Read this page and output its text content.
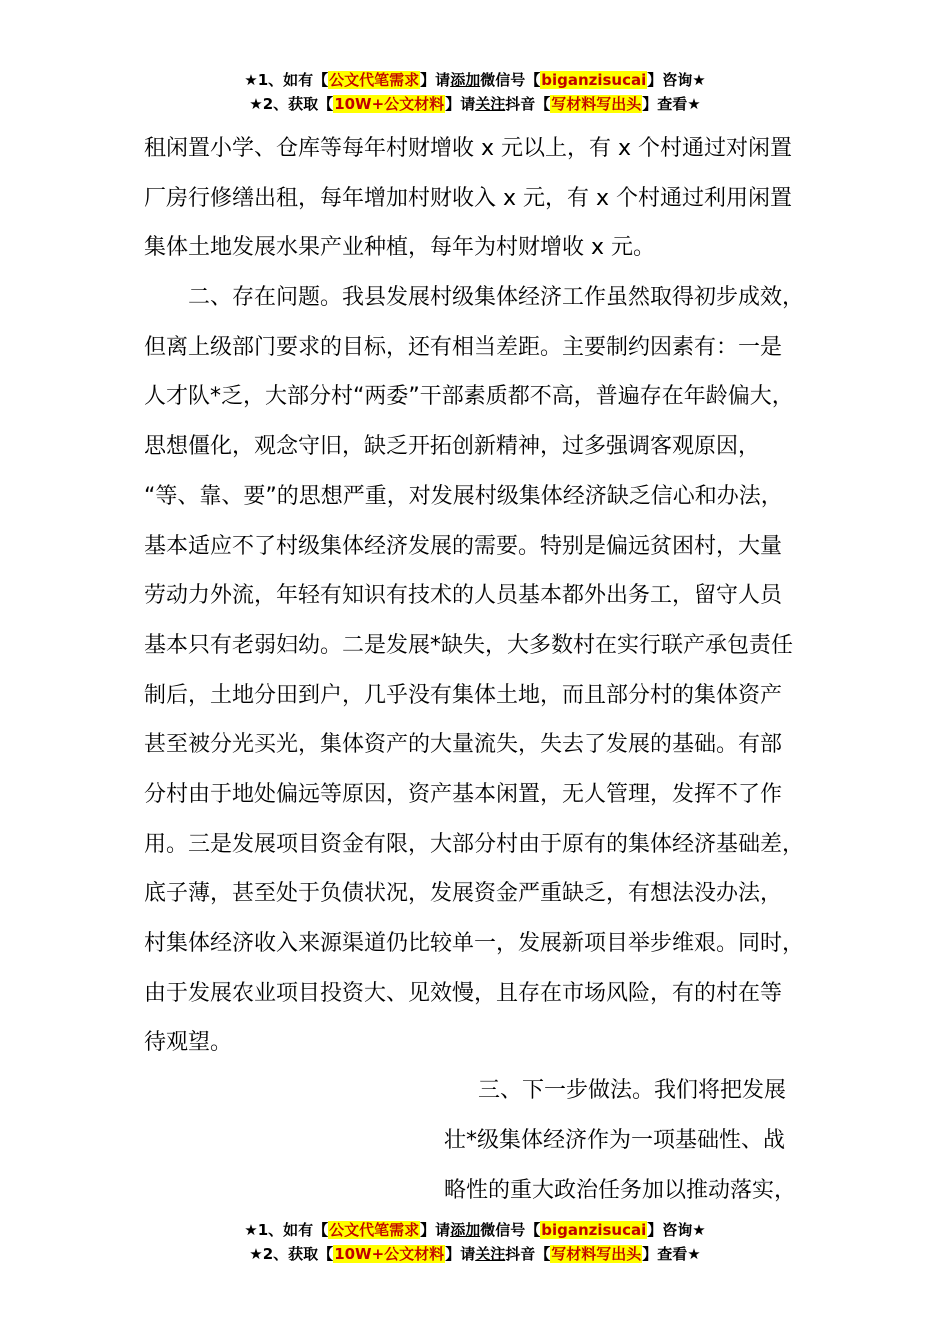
★1、如有【公文代笔需求】请添加微信号【biganzisucai】咨询★
★2、获取【10W+公文材料】请关注抖音【写材料写出头】查看★
租闲置小学、仓库等每年村财增收 x 元以上，有 x 个村通过对闲置
厂房行修缮出租，每年增加村财收入 x 元，有 x 个村通过利用闲置
集体土地发展水果产业种植，每年为村财增收 x 元。
二、存在问题。我县发展村级集体经济工作虽然取得初步成效，
但离上级部门要求的目标，还有相当差距。主要制约因素有：一是
人才队*乏，大部分村“两委”干部素质都不高，普遍存在年龄偏大，
思想僵化，观念守旧，缺乏开拓创新精神，过多强调客观原因，
“等、靠、要”的思想严重，对发展村级集体经济缺乏信心和办法，
基本适应不了村级集体经济发展的需要。特别是偏远贫困村，大量
劳动力外流，年轻有知识有技术的人员基本都外出务工，留守人员
基本只有老弱妇幼。二是发展*缺失，大多数村在实行联产承包责任
制后，土地分田到户，几乎没有集体土地，而且部分村的集体资产
甚至被分光买光，集体资产的大量流失，失去了发展的基础。有部
分村由于地处偏远等原因，资产基本闲置，无人管理，发挥不了作
用。三是发展项目资金有限，大部分村由于原有的集体经济基础差，
底子薄，甚至处于负债状况，发展资金严重缺乏，有想法没办法，
村集体经济收入来源渠道仍比较单一，发展新项目举步维艰。同时，
由于发展农业项目投资大、见效慢，且存在市场风险，有的村在等
待观望。
三、下一步做法。我们将把发展
壮*级集体经济作为一项基础性、战
略性的重大政治任务加以推动落实，
★1、如有【公文代笔需求】请添加微信号【biganzisucai】咨询★
★2、获取【10W+公文材料】请关注抖音【写材料写出头】查看★
